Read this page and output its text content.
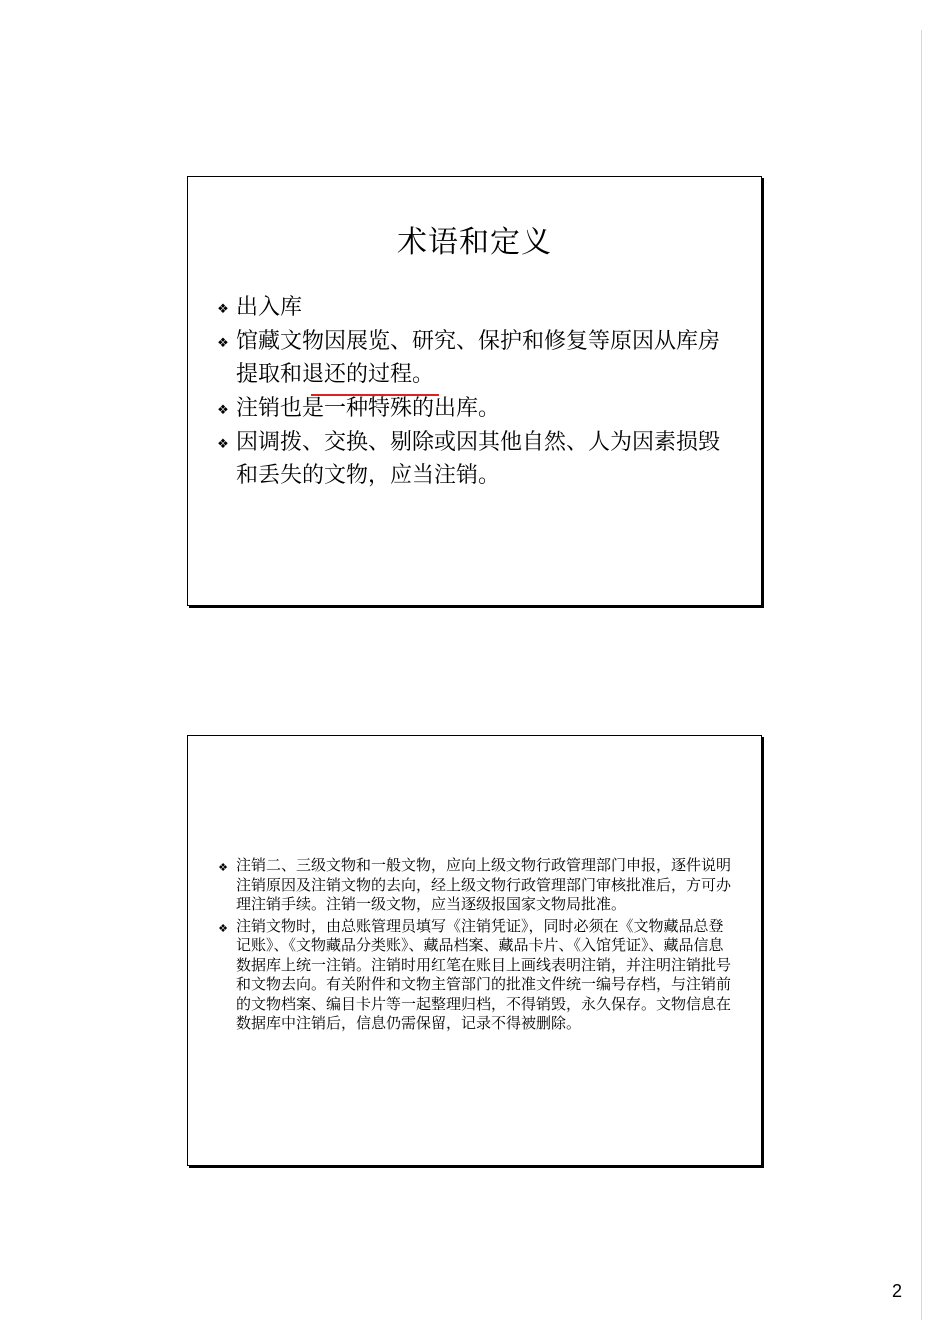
术语和定义
❖ 出入库
❖ 馆藏文物因展览、研究、保护和修复等原因从库房提取和退还的过程。
❖ 注销也是一种特殊的出库。
❖ 因调拨、交换、剔除或因其他自然、人为因素损毁和丢失的文物，应当注销。
❖ 注销二、三级文物和一般文物，应向上级文物行政管理部门申报，逐件说明注销原因及注销文物的去向，经上级文物行政管理部门审核批准后，方可办理注销手续。注销一级文物，应当逐级报国家文物局批准。
❖ 注销文物时，由总账管理员填写《注销凭证》，同时必须在《文物藏品总登记账》、《文物藏品分类账》、藏品档案、藏品卡片、《入馆凭证》、藏品信息数据库上统一注销。注销时用红笔在账目上画线表明注销，并注明注销批号和文物去向。有关附件和文物主管部门的批准文件统一编号存档，与注销前的文物档案、编目卡片等一起整理归档，不得销毁，永久保存。文物信息在数据库中注销后，信息仍需保留，记录不得被删除。
2
